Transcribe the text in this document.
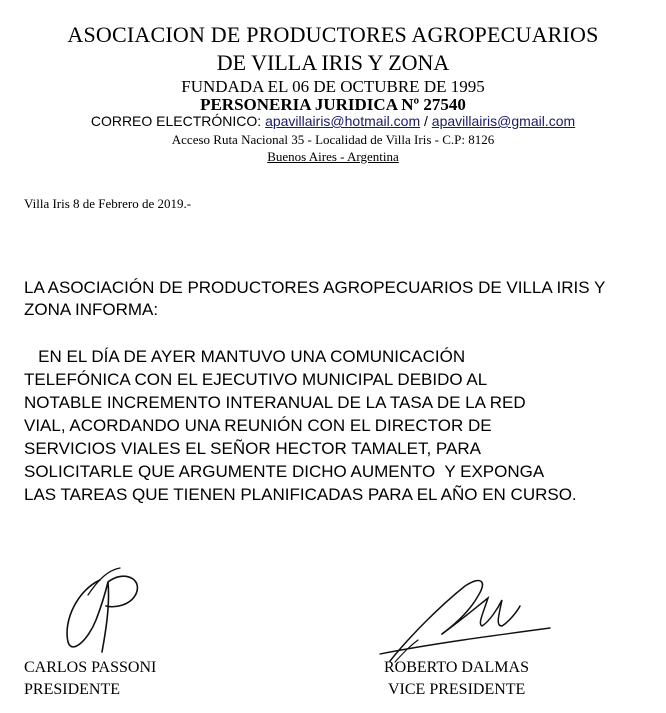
ASOCIACION DE PRODUCTORES AGROPECUARIOS
DE VILLA IRIS Y ZONA
FUNDADA EL 06 DE OCTUBRE DE 1995
PERSONERIA JURIDICA Nº 27540
CORREO ELECTRÓNICO: apavillairis@hotmail.com / apavillairis@gmail.com
Acceso Ruta Nacional 35 - Localidad de Villa Iris - C.P: 8126
Buenos Aires - Argentina
Villa Iris 8 de Febrero de 2019.-
LA ASOCIACIÓN DE PRODUCTORES AGROPECUARIOS DE VILLA IRIS Y ZONA INFORMA:
EN EL DÍA DE AYER MANTUVO UNA COMUNICACIÓN
TELEFÓNICA CON EL EJECUTIVO MUNICIPAL DEBIDO AL
NOTABLE INCREMENTO INTERANUAL DE LA TASA DE LA RED
VIAL, ACORDANDO UNA REUNIÓN CON EL DIRECTOR DE
SERVICIOS VIALES EL SEÑOR HECTOR TAMALET, PARA
SOLICITARLE QUE ARGUMENTE DICHO AUMENTO  Y EXPONGA
LAS TAREAS QUE TIENEN PLANIFICADAS PARA EL AÑO EN CURSO.
CARLOS PASSONI
PRESIDENTE
ROBERTO DALMAS
VICE PRESIDENTE
